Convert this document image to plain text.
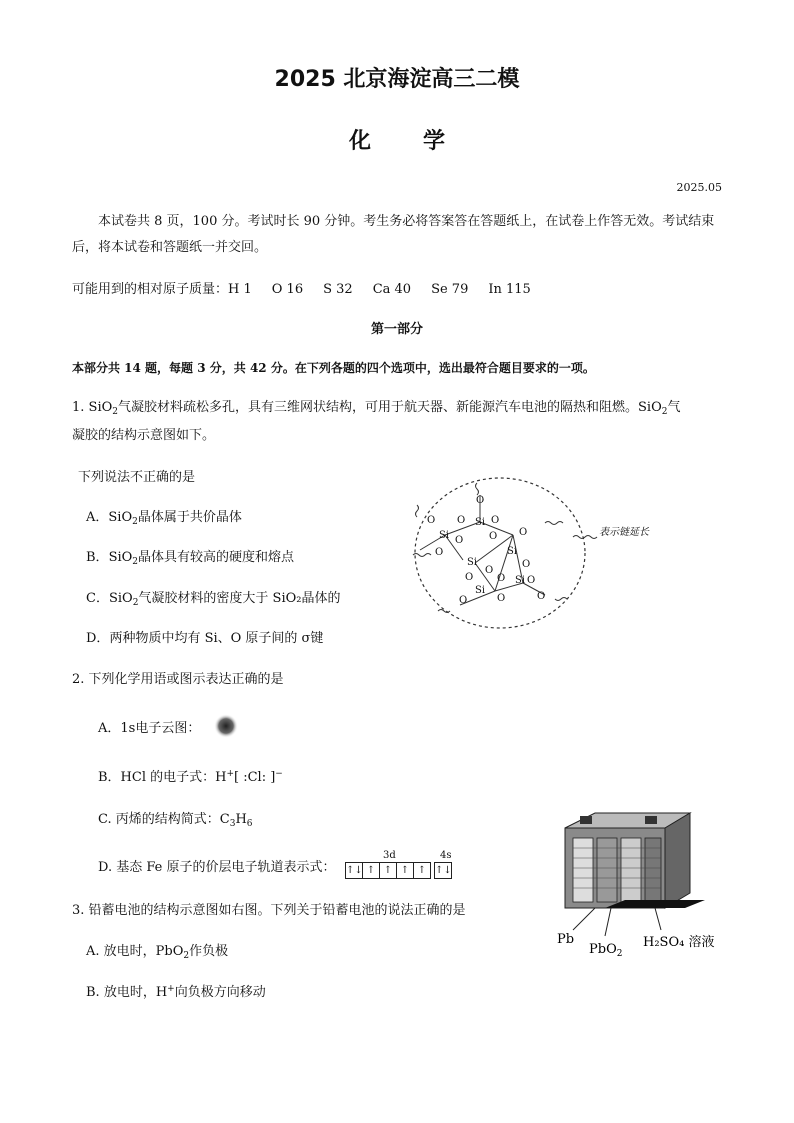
2025 北京海淀高三二模
化学
2025.05
本试卷共 8 页，100 分。考试时长 90 分钟。考生务必将答案答在答题纸上，在试卷上作答无效。考试结束
后，将本试卷和答题纸一并交回。
可能用到的相对原子质量：H 1 O 16 S 32 Ca 40 Se 79 In 115
第一部分
本部分共 14 题，每题 3 分，共 42 分。在下列各题的四个选项中，选出最符合题目要求的一项。
1. SiO$_2$气凝胶材料疏松多孔，具有三维网状结构，可用于航天器、新能源汽车电池的隔热和阻燃。SiO$_2$气
凝胶的结构示意图如下。
下列说法不正确的是
A．SiO$_2$晶体属于共价晶体
B．SiO$_2$晶体具有较高的硬度和熔点
C．SiO$_2$气凝胶材料的密度大于 SiO₂晶体的
D．两种物质中均有 Si、O 原子间的 σ键
Si
Si
Si
Si
Si
Si
O	O
O
O
O	O O
O
O
O
O O O
O
O	O
表示链延长
2. 下列化学用语或图示表达正确的是
A．1s电子云图：
B．HCl 的电子式：H+[ :Cl: ]−
C. 丙烯的结构简式：$C_3H_6$
D. 基态 Fe 原子的价层电子轨道表示式：
3d	4s
↑↓ ↑ ↑ ↑ ↑ ↑↓
3. 铅蓄电池的结构示意图如右图。下列关于铅蓄电池的说法正确的是
A. 放电时，PbO$_2$作负极
B. 放电时，H+向负极方向移动
Pb
PbO$_2$
H₂SO₄ 溶液
